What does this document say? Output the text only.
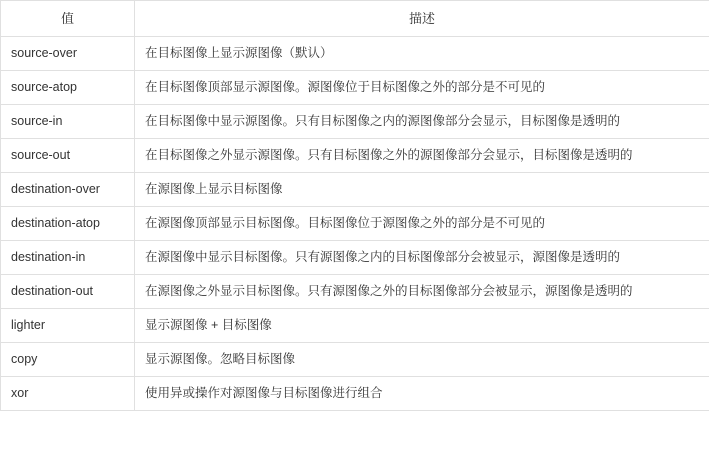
值	描述
source-over	在目标图像上显示源图像（默认）
source-atop	在目标图像顶部显示源图像。源图像位于目标图像之外的部分是不可见的
source-in	在目标图像中显示源图像。只有目标图像之内的源图像部分会显示，目标图像是透明的
source-out	在目标图像之外显示源图像。只有目标图像之外的源图像部分会显示，目标图像是透明的
destination-over	在源图像上显示目标图像
destination-atop	在源图像顶部显示目标图像。目标图像位于源图像之外的部分是不可见的
destination-in	在源图像中显示目标图像。只有源图像之内的目标图像部分会被显示，源图像是透明的
destination-out	在源图像之外显示目标图像。只有源图像之外的目标图像部分会被显示，源图像是透明的
lighter	显示源图像 + 目标图像
copy	显示源图像。忽略目标图像
xor	使用异或操作对源图像与目标图像进行组合
